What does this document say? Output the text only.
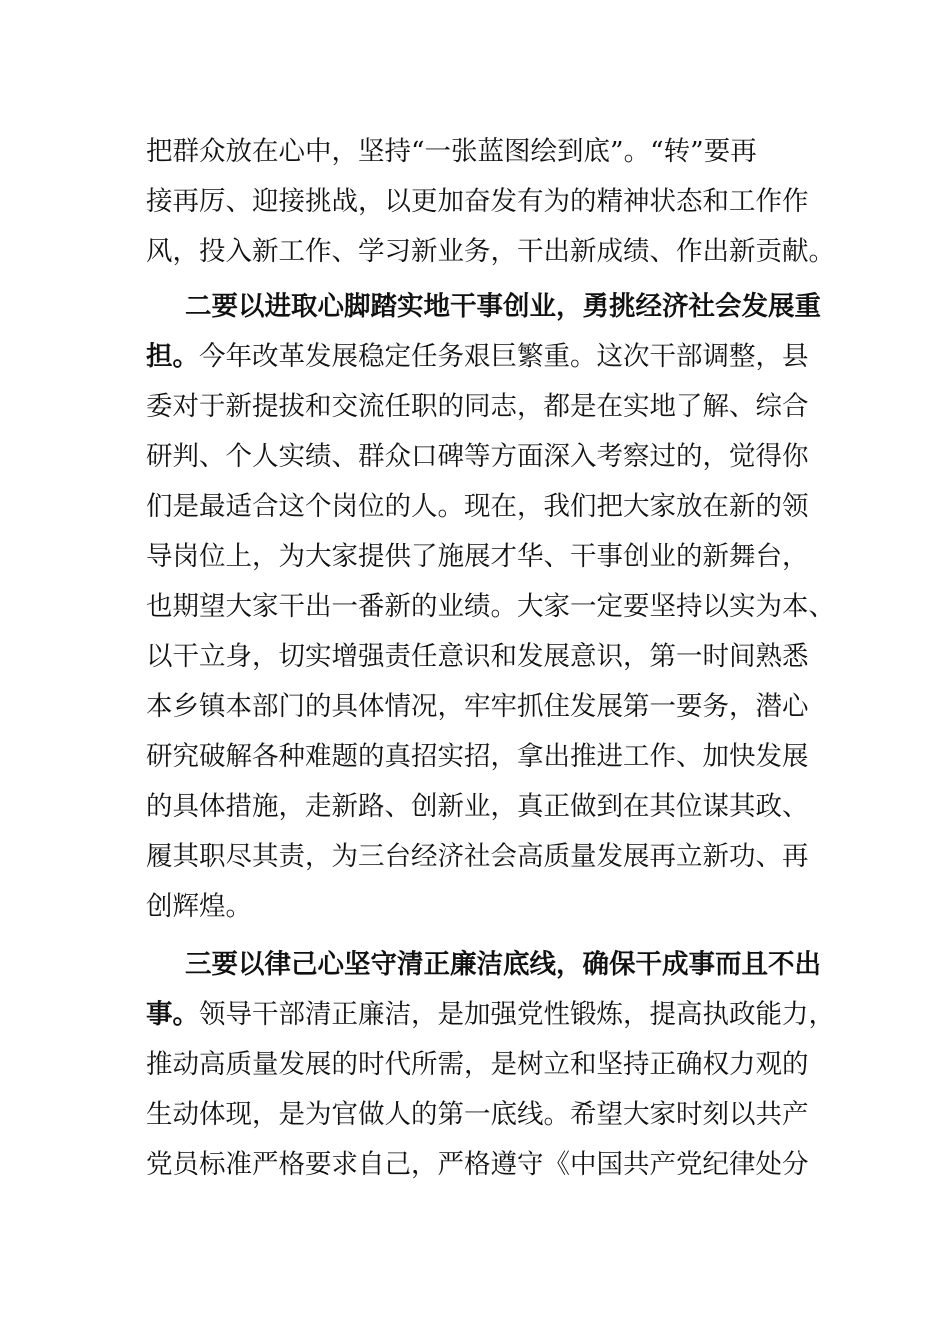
把群众放在心中，坚持“一张蓝图绘到底”。“转”要再
接再厉、迎接挑战，以更加奋发有为的精神状态和工作作
风，投入新工作、学习新业务，干出新成绩、作出新贡献。
二要以进取心脚踏实地干事创业，勇挑经济社会发展重
担。今年改革发展稳定任务艰巨繁重。这次干部调整，县
委对于新提拔和交流任职的同志，都是在实地了解、综合
研判、个人实绩、群众口碑等方面深入考察过的，觉得你
们是最适合这个岗位的人。现在，我们把大家放在新的领
导岗位上，为大家提供了施展才华、干事创业的新舞台，
也期望大家干出一番新的业绩。大家一定要坚持以实为本、
以干立身，切实增强责任意识和发展意识，第一时间熟悉
本乡镇本部门的具体情况，牢牢抓住发展第一要务，潜心
研究破解各种难题的真招实招，拿出推进工作、加快发展
的具体措施，走新路、创新业，真正做到在其位谋其政、
履其职尽其责，为三台经济社会高质量发展再立新功、再
创辉煌。
三要以律己心坚守清正廉洁底线，确保干成事而且不出
事。领导干部清正廉洁，是加强党性锻炼，提高执政能力，
推动高质量发展的时代所需，是树立和坚持正确权力观的
生动体现，是为官做人的第一底线。希望大家时刻以共产
党员标准严格要求自己，严格遵守《中国共产党纪律处分
